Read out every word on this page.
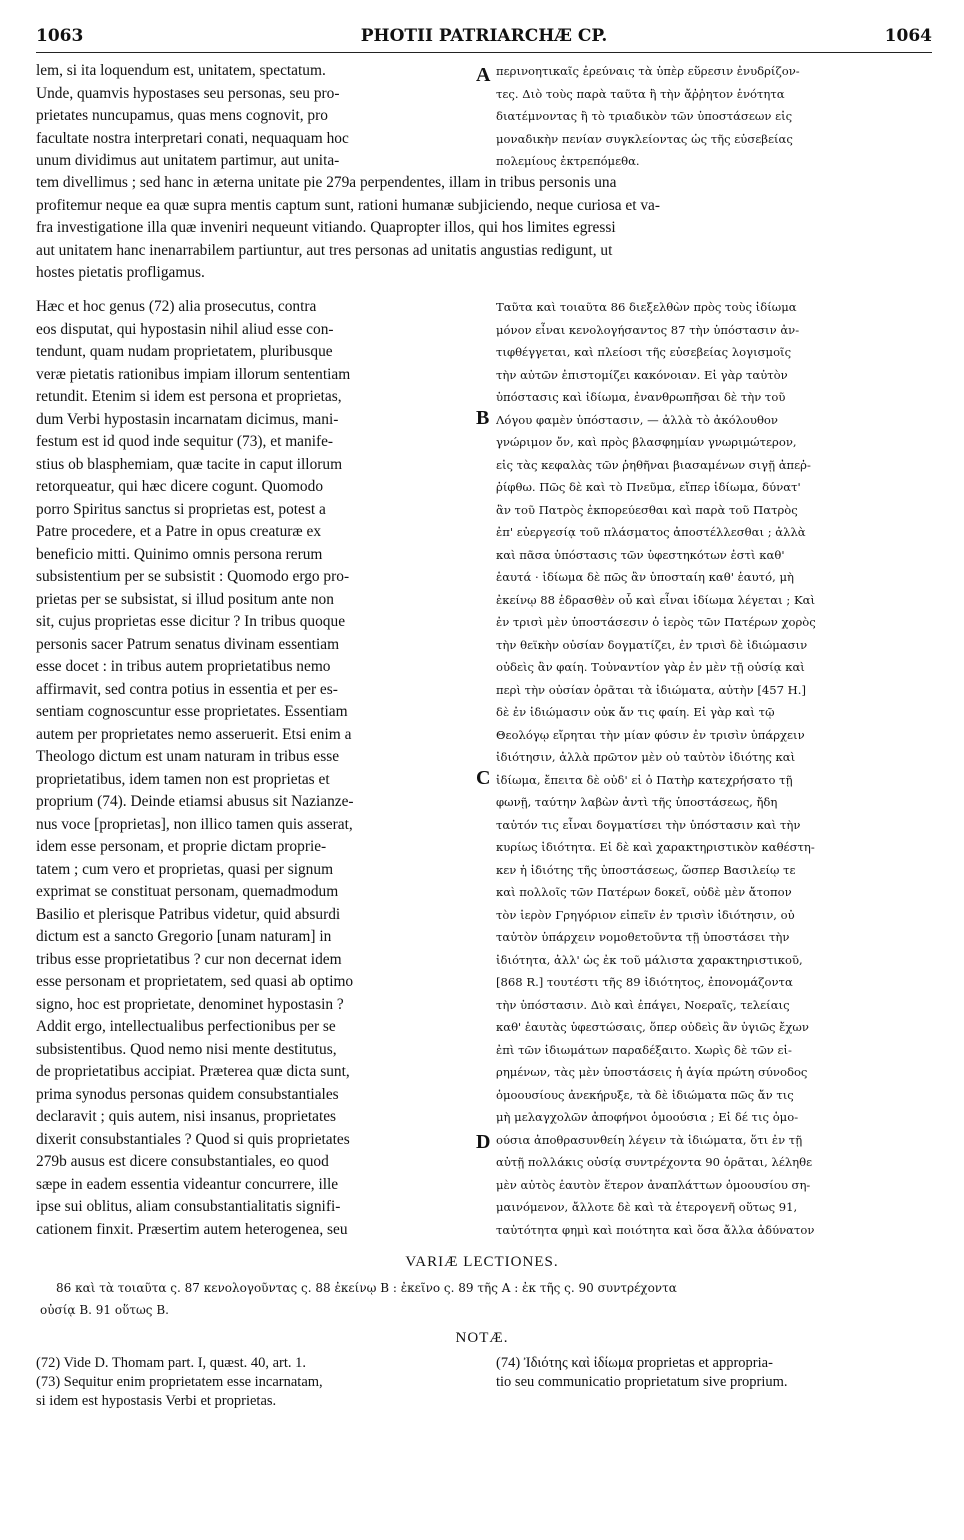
1063	PHOTII PATRIARCHÆ CP.	1064
lem, si ita loquendum est, unitatem, spectatum.
Unde, quamvis hypostases seu personas, seu pro-
prietates nuncupamus, quas mens cognovit, pro
facultate nostra interpretari conati, nequaquam hoc
unum dividimus aut unitatem partimur, aut unita-
A περινοητικαῖς ἐρεύναις τὰ ὑπὲρ εὕρεσιν ἐνυδρίζον-
τες. Διὸ τοὺς παρὰ ταῦτα ἢ τὴν ἄῤῥητον ἑνότητα
διατέμνοντας ἢ τὸ τριαδικὸν τῶν ὑποστάσεων εἰς
μοναδικὴν πενίαν συγκλείοντας ὡς τῆς εὐσεβείας
πολεμίους ἐκτρεπόμεθα.
tem divellimus ; sed hanc in æterna unitate pie 279a perpendentes, illam in tribus personis una
profitemur neque ea quæ supra mentis captum sunt, rationi humanæ subjiciendo, neque curiosa et va-
fra investigatione illa quæ inveniri nequeunt vitiando. Quapropter illos, qui hos limites egressi
aut unitatem hanc inenarrabilem partiuntur, aut tres personas ad unitatis angustias redigunt, ut
hostes pietatis profligamus.
Hæc et hoc genus (72) alia prosecutus, contra
eos disputat, qui hypostasin nihil aliud esse con-
tendunt, quam nudam proprietatem, pluribusque
veræ pietatis rationibus impiam illorum sententiam
retundit. Etenim si idem est persona et proprietas,
dum Verbi hypostasin incarnatam dicimus, mani-
festum est id quod inde sequitur (73), et manife-
stius ob blasphemiam, quæ tacite in caput illorum
retorqueatur, qui hæc dicere cogunt. Quomodo
porro Spiritus sanctus si proprietas est, potest a
Patre procedere, et a Patre in opus creaturæ ex
beneficio mitti. Quinimo omnis persona rerum
subsistentium per se subsistit : Quomodo ergo pro-
prietas per se subsistat, si illud positum ante non
sit, cujus proprietas esse dicitur ? In tribus quoque
personis sacer Patrum senatus divinam essentiam
esse docet : in tribus autem proprietatibus nemo
affirmavit, sed contra potius in essentia et per es-
sentiam cognoscuntur esse proprietates. Essentiam
autem per proprietates nemo asseruerit. Etsi enim a
Theologo dictum est unam naturam in tribus esse
proprietatibus, idem tamen non est proprietas et
proprium (74). Deinde etiamsi abusus sit Nazianze-
nus voce [proprietas], non illico tamen quis asserat,
idem esse personam, et proprie dictam proprie-
tatem ; cum vero et proprietas, quasi per signum
exprimat se constituat personam, quemadmodum
Basilio et plerisque Patribus videtur, quid absurdi
dictum est a sancto Gregorio [unam naturam] in
tribus esse proprietatibus ? cur non decernat idem
esse personam et proprietatem, sed quasi ab optimo
signo, hoc est proprietate, denominet hypostasin ?
Addit ergo, intellectualibus perfectionibus per se
subsistentibus. Quod nemo nisi mente destitutus,
de proprietatibus accipiat. Præterea quæ dicta sunt,
prima synodus personas quidem consubstantiales
declaravit ; quis autem, nisi insanus, proprietates
dixerit consubstantiales ? Quod si quis proprietates
279b ausus est dicere consubstantiales, eo quod
sæpe in eadem essentia videantur concurrere, ille
ipse sui oblitus, aliam consubstantialitatis signifi-
cationem finxit. Præsertim autem heterogenea, seu
Ταῦτα καὶ τοιαῦτα 86 διεξελθὼν πρὸς τοὺς ἰδίωμα
μόνον εἶναι κενολογήσαντος 87 τὴν ὑπόστασιν ἀν-
τιφθέγγεται, καὶ πλείοσι τῆς εὐσεβείας λογισμοῖς
τὴν αὐτῶν ἐπιστομίζει κακόνοιαν. Εἰ γὰρ ταὐτὸν
ὑπόστασις καὶ ἰδίωμα, ἐνανθρωπῆσαι δὲ τὴν τοῦ
Λόγου φαμὲν ὑπόστασιν, — ἀλλὰ τὸ ἀκόλουθον
γνώριμον ὄν, καὶ πρὸς βλασφημίαν γνωριμώτερον,
εἰς τὰς κεφαλὰς τῶν ῥηθῆναι βιασαμένων σιγῇ ἀπεῤ-
ῥίφθω. Πῶς δὲ καὶ τὸ Πνεῦμα, εἴπερ ἰδίωμα, δύνατ'
ἂν τοῦ Πατρὸς ἐκπορεύεσθαι καὶ παρὰ τοῦ Πατρὸς
ἐπ' εὐεργεσίᾳ τοῦ πλάσματος ἀποστέλλεσθαι ; ἀλλὰ
καὶ πᾶσα ὑπόστασις τῶν ὑφεστηκότων ἐστὶ καθ'
ἑαυτά · ἰδίωμα δὲ πῶς ἂν ὑποσταίη καθ' ἑαυτό, μὴ
ἐκείνῳ 88 ἑδρασθὲν οὗ καὶ εἶναι ἰδίωμα λέγεται ; Καὶ
ἐν τρισὶ μὲν ὑποστάσεσιν ὁ ἱερὸς τῶν Πατέρων χορὸς
τὴν θεϊκὴν οὐσίαν δογματίζει, ἐν τρισὶ δὲ ἰδιώμασιν
οὐδεὶς ἂν φαίη. Τοὐναντίον γὰρ ἐν μὲν τῇ οὐσίᾳ καὶ
περὶ τὴν οὐσίαν ὁρᾶται τὰ ἰδιώματα, αὐτὴν [457 H.]
δὲ ἐν ἰδιώμασιν οὐκ ἄν τις φαίη. Εἰ γὰρ καὶ τῷ
Θεολόγῳ εἴρηται τὴν μίαν φύσιν ἐν τρισὶν ὑπάρχειν
ἰδιότησιν, ἀλλὰ πρῶτον μὲν οὐ ταὐτὸν ἰδιότης καὶ
ἰδίωμα, ἔπειτα δὲ οὐδ' εἰ ὁ Πατὴρ κατεχρήσατο τῇ
φωνῇ, ταύτην λαβὼν ἀντὶ τῆς ὑποστάσεως, ἤδη
ταὐτόν τις εἶναι δογματίσει τὴν ὑπόστασιν καὶ τὴν
κυρίως ἰδιότητα. Εἰ δὲ καὶ χαρακτηριστικὸν καθέστη-
κεν ἡ ἰδιότης τῆς ὑποστάσεως, ὥσπερ Βασιλείῳ τε
καὶ πολλοῖς τῶν Πατέρων δοκεῖ, οὐδὲ μὲν ἄτοπον
τὸν ἱερὸν Γρηγόριον εἰπεῖν ἐν τρισὶν ἰδιότησιν, οὐ
ταὐτὸν ὑπάρχειν νομοθετοῦντα τῇ ὑποστάσει τὴν
ἰδιότητα, ἀλλ' ὡς ἐκ τοῦ μάλιστα χαρακτηριστικοῦ,
[868 R.] τουτέστι τῆς 89 ἰδιότητος, ἐπονομάζοντα
τὴν ὑπόστασιν. Διὸ καὶ ἐπάγει, Νοεραῖς, τελείαις
καθ' ἑαυτὰς ὑφεστώσαις, ὅπερ οὐδεὶς ἂν ὑγιῶς ἔχων
ἐπὶ τῶν ἰδιωμάτων παραδέξαιτο. Χωρὶς δὲ τῶν εἰ-
ρημένων, τὰς μὲν ὑποστάσεις ἡ ἁγία πρώτη σύνοδος
ὁμοουσίους ἀνεκήρυξε, τὰ δὲ ἰδιώματα πῶς ἄν τις
μὴ μελαγχολῶν ἀποφήνοι ὁμοούσια ; Εἰ δέ τις ὁμο-
ούσια ἀποθρασυνθείη λέγειν τὰ ἰδιώματα, ὅτι ἐν τῇ
αὐτῇ πολλάκις οὐσίᾳ συντρέχοντα 90 ὁρᾶται, λέληθε
μὲν αὐτὸς ἑαυτὸν ἕτερον ἀναπλάττων ὁμοουσίου ση-
μαινόμενον, ἄλλοτε δὲ καὶ τὰ ἑτερογενῆ οὕτως 91,
ταὐτότητα φημὶ καὶ ποιότητα καὶ ὅσα ἄλλα ἀδύνατον
B
C
D
VARIÆ LECTIONES.
86 καὶ τὰ τοιαῦτα ς. 87 κενολογοῦντας ς. 88 ἐκείνῳ B : ἐκεῖνο ς. 89 τῆς A : ἐκ τῆς ς. 90 συντρέχοντα
οὐσίᾳ B. 91 οὕτως B.
NOTÆ.
(72) Vide D. Thomam part. I, quæst. 40, art. 1.
(73) Sequitur enim proprietatem esse incarnatam,
si idem est hypostasis Verbi et proprietas.
(74) Ἰδιότης καὶ ἰδίωμα proprietas et appropria-
tio seu communicatio proprietatum sive proprium.
